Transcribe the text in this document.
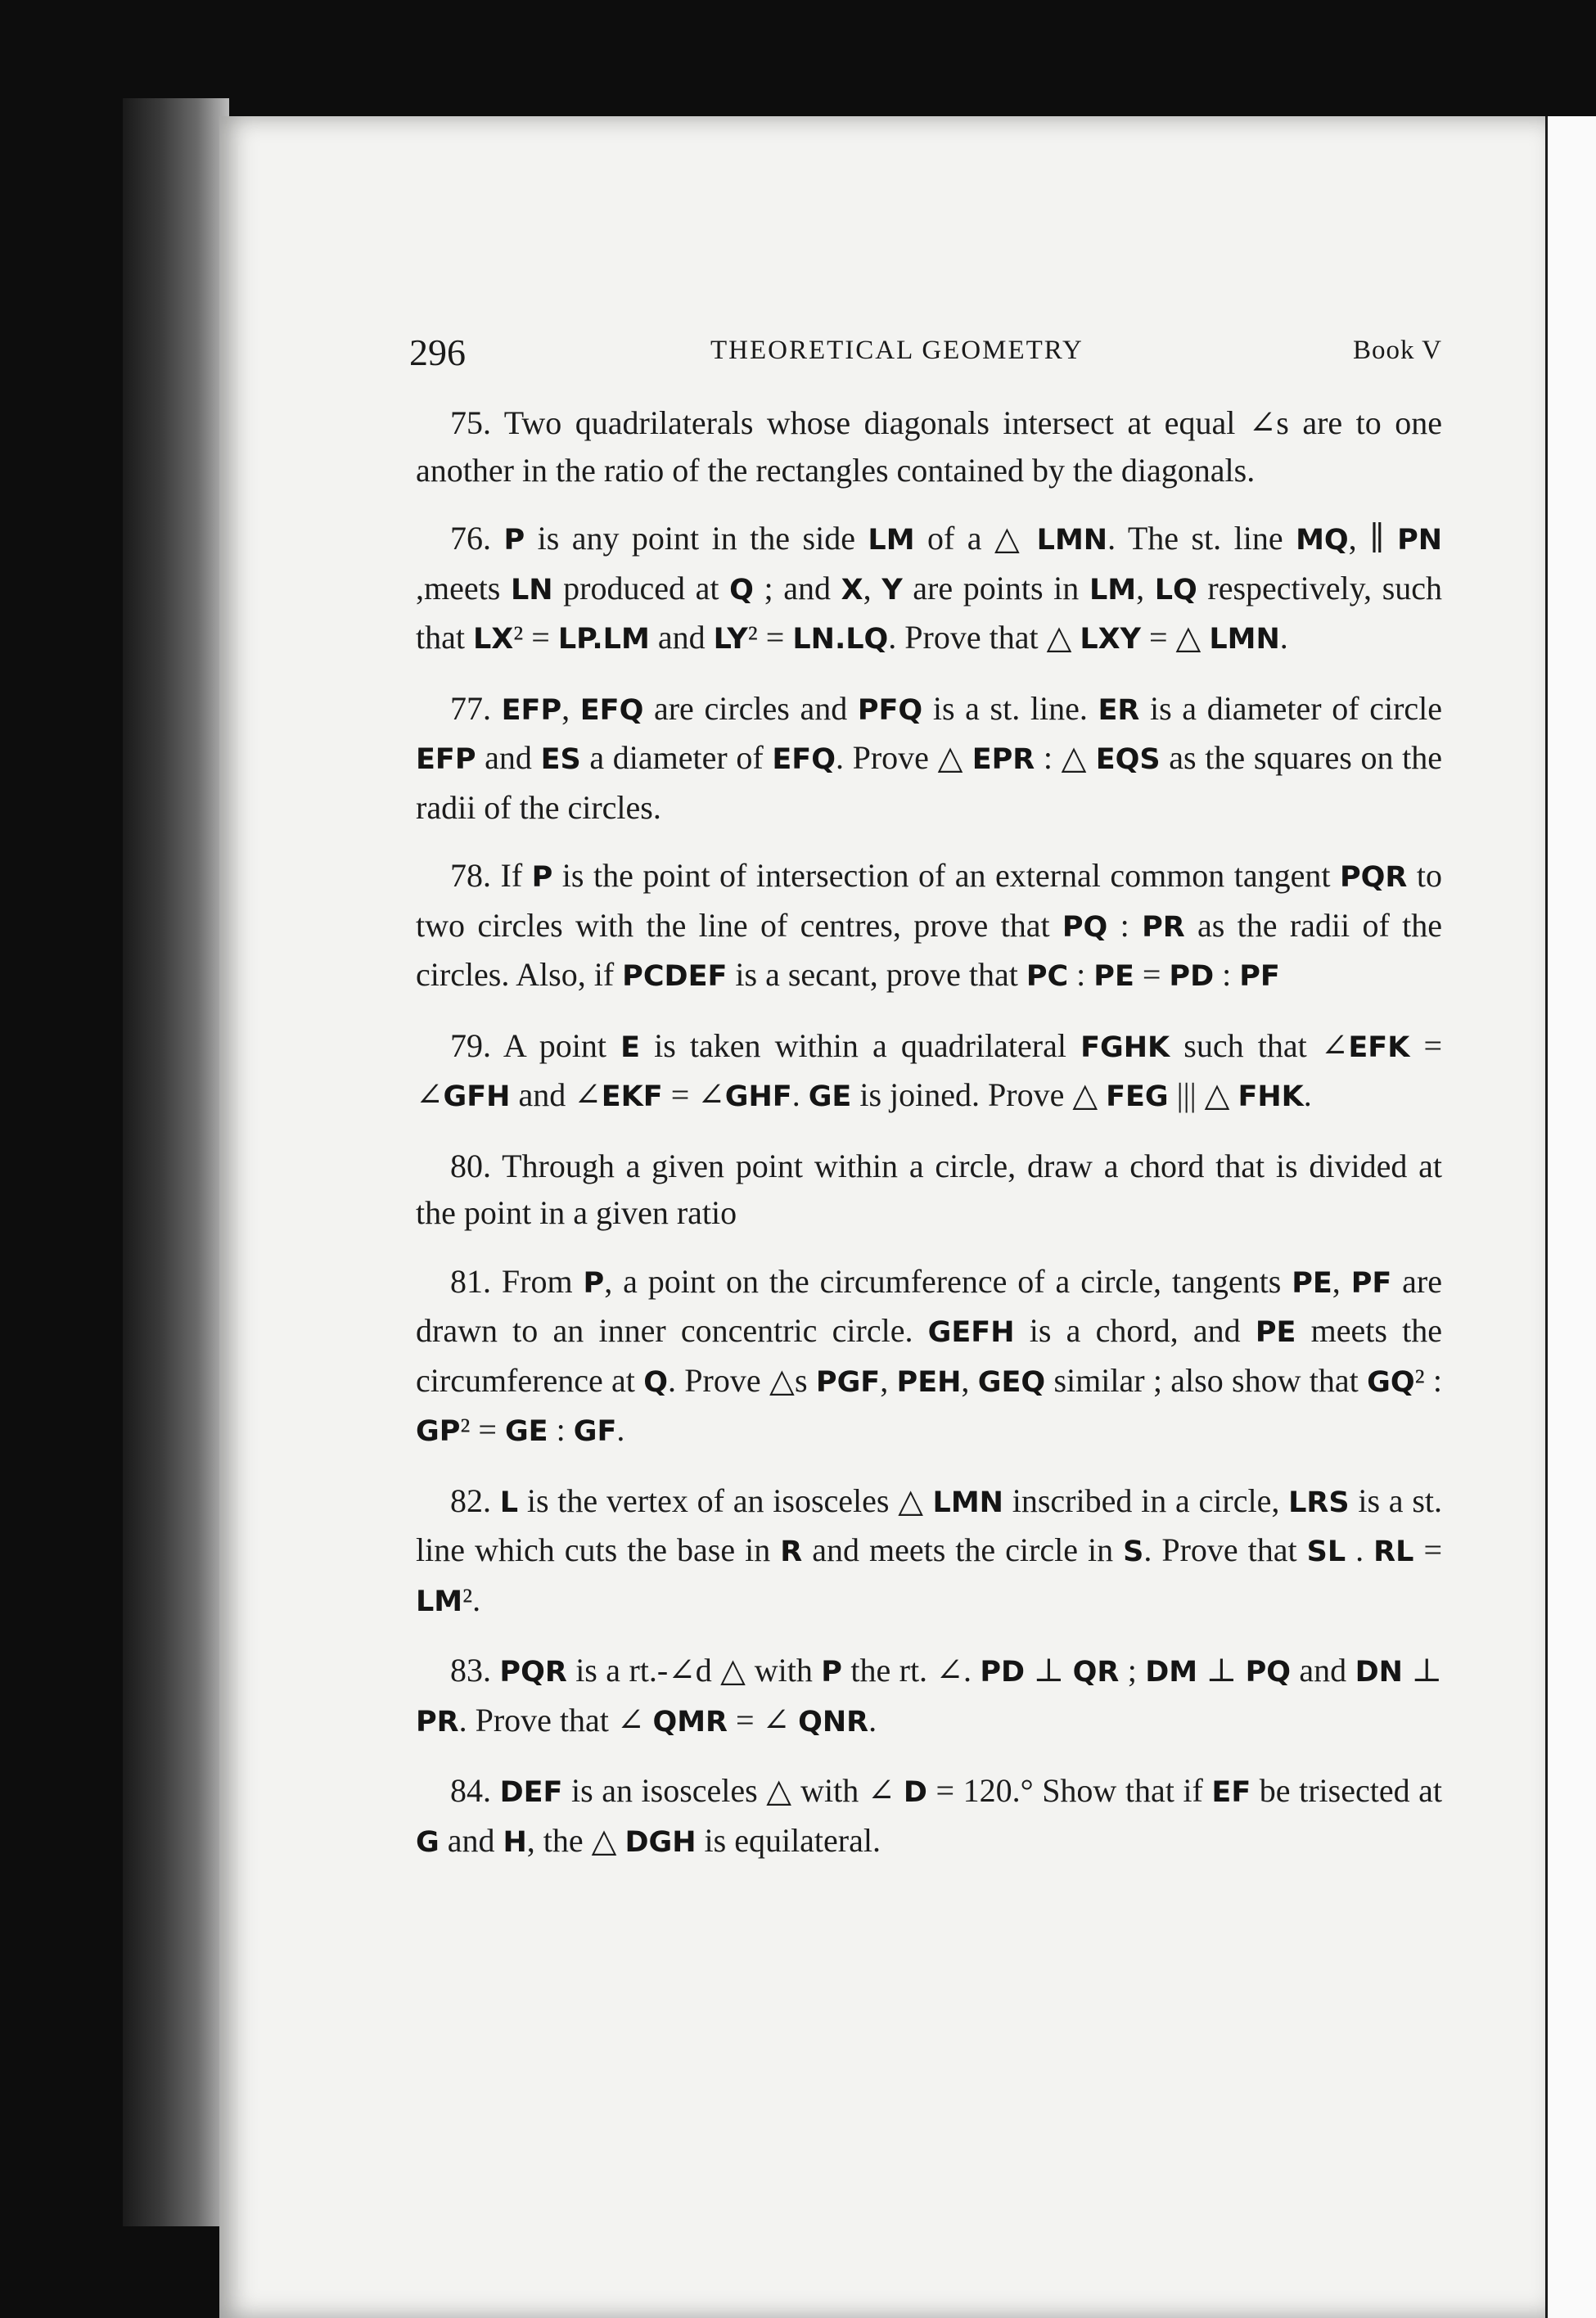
296	THEORETICAL GEOMETRY	Book V

75. Two quadrilaterals whose diagonals intersect at equal ∠s are to one another in the ratio of the rectangles contained by the diagonals.

76. P is any point in the side LM of a △ LMN. The st. line MQ, ∥ PN ,meets LN produced at Q ; and X, Y are points in LM, LQ respectively, such that LX² = LP.LM and LY² = LN.LQ. Prove that △ LXY = △ LMN.

77. EFP, EFQ are circles and PFQ is a st. line. ER is a diameter of circle EFP and ES a diameter of EFQ. Prove △ EPR : △ EQS as the squares on the radii of the circles.

78. If P is the point of intersection of an external common tangent PQR to two circles with the line of centres, prove that PQ : PR as the radii of the circles. Also, if PCDEF is a secant, prove that PC : PE = PD : PF

79. A point E is taken within a quadrilateral FGHK such that ∠EFK = ∠GFH and ∠EKF = ∠GHF. GE is joined. Prove △ FEG ||| △ FHK.

80. Through a given point within a circle, draw a chord that is divided at the point in a given ratio

81. From P, a point on the circumference of a circle, tangents PE, PF are drawn to an inner concentric circle. GEFH is a chord, and PE meets the circumference at Q. Prove △s PGF, PEH, GEQ similar ; also show that GQ² : GP² = GE : GF.

82. L is the vertex of an isosceles △ LMN inscribed in a circle, LRS is a st. line which cuts the base in R and meets the circle in S. Prove that SL . RL = LM².

83. PQR is a rt.-∠d △ with P the rt. ∠. PD ⊥ QR ; DM ⊥ PQ and DN ⊥ PR. Prove that ∠ QMR = ∠ QNR.

84. DEF is an isosceles △ with ∠ D = 120.° Show that if EF be trisected at G and H, the △ DGH is equilateral.
